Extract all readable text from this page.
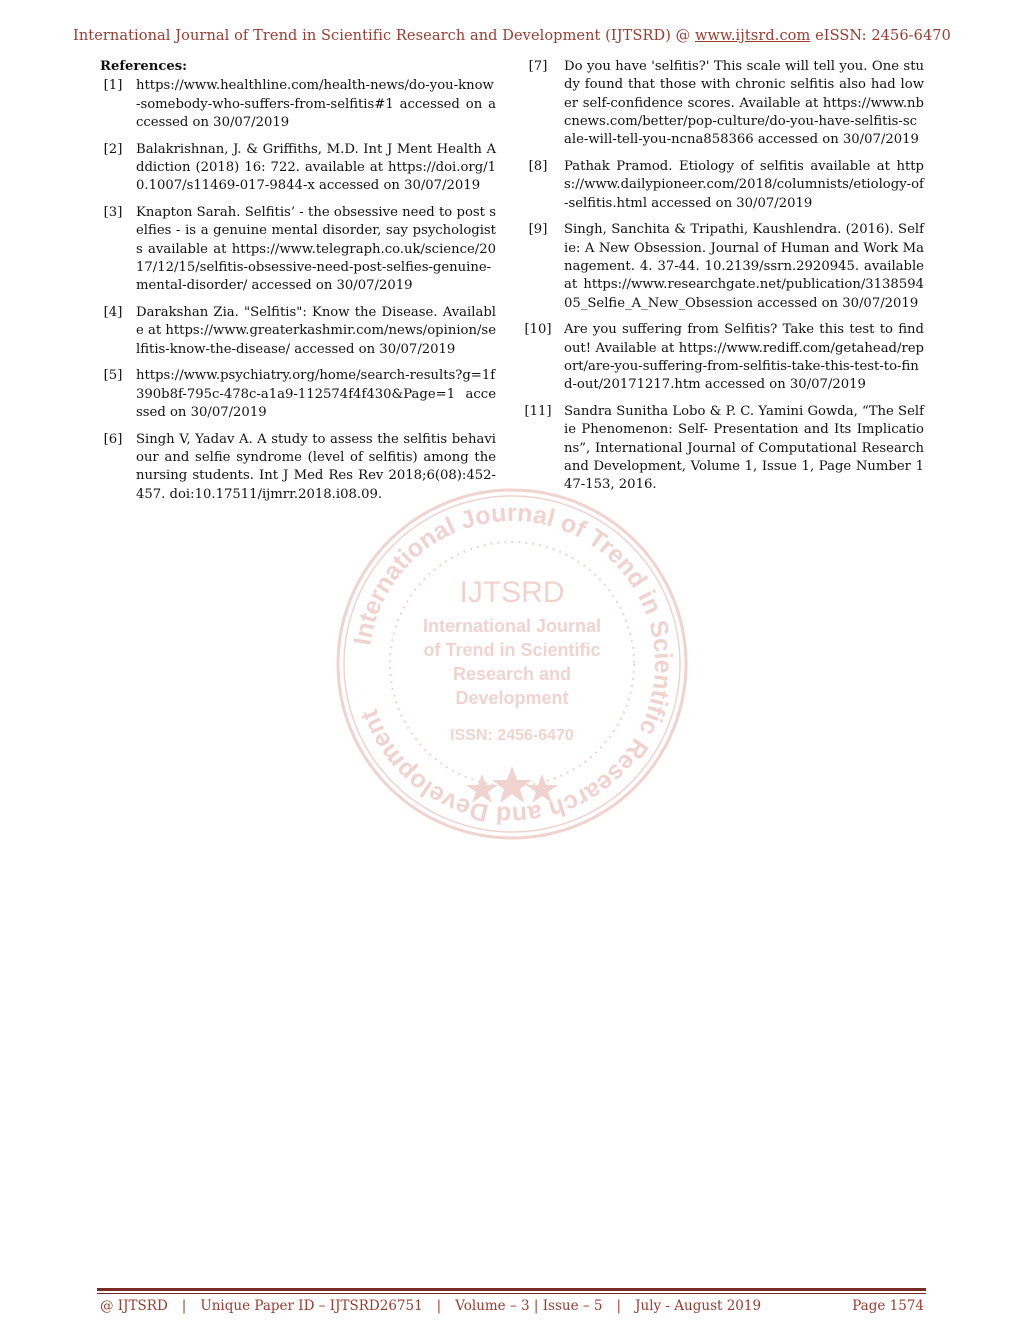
International Journal of Trend in Scientific Research and Development (IJTSRD) @ www.ijtsrd.com eISSN: 2456-6470
International Journal of Trend in Scientific Research and Development
IJTSRD
International Journal
of Trend in Scientific
Research and
Development
ISSN: 2456-6470
References:
[1] https://www.healthline.com/health-news/do-you-know-somebody-who-suffers-from-selfitis#1 accessed on accessed on 30/07/2019
[2] Balakrishnan, J. & Griffiths, M.D. Int J Ment Health Addiction (2018) 16: 722. available at https://doi.org/10.1007/s11469-017-9844-x accessed on 30/07/2019
[3] Knapton Sarah. Selfitis’ - the obsessive need to post selfies - is a genuine mental disorder, say psychologists available at https://www.telegraph.co.uk/science/2017/12/15/selfitis-obsessive-need-post-selfies-genuine-mental-disorder/ accessed on 30/07/2019
[4] Darakshan Zia. "Selfitis": Know the Disease. Available at https://www.greaterkashmir.com/news/opinion/selfitis-know-the-disease/ accessed on 30/07/2019
[5] https://www.psychiatry.org/home/search-results?g=1f390b8f-795c-478c-a1a9-112574f4f430&Page=1 accessed on 30/07/2019
[6] Singh V, Yadav A. A study to assess the selfitis behaviour and selfie syndrome (level of selfitis) among the nursing students. Int J Med Res Rev 2018;6(08):452-457. doi:10.17511/ijmrr.2018.i08.09.
[7]	Do you have 'selfitis?' This scale will tell you. One study found that those with chronic selfitis also had lower self-confidence scores. Available at https://www.nbcnews.com/better/pop-culture/do-you-have-selfitis-scale-will-tell-you-ncna858366 accessed on 30/07/2019
[8]	Pathak Pramod. Etiology of selfitis available at https://www.dailypioneer.com/2018/columnists/etiology-of-selfitis.html accessed on 30/07/2019
[9]	Singh, Sanchita & Tripathi, Kaushlendra. (2016). Selfie: A New Obsession. Journal of Human and Work Management. 4. 37-44. 10.2139/ssrn.2920945. available at https://www.researchgate.net/publication/313859405_Selfie_A_New_Obsession accessed on 30/07/2019
[10] Are you suffering from Selfitis? Take this test to find out! Available at https://www.rediff.com/getahead/report/are-you-suffering-from-selfitis-take-this-test-to-find-out/20171217.htm accessed on 30/07/2019
[11] Sandra Sunitha Lobo & P. C. Yamini Gowda, “The Selfie Phenomenon: Self- Presentation and Its Implications”, International Journal of Computational Research and Development, Volume 1, Issue 1, Page Number 147-153, 2016.
@ IJTSRD | Unique Paper ID – IJTSRD26751 | Volume – 3 | Issue – 5 | July - August 2019	Page 1574
